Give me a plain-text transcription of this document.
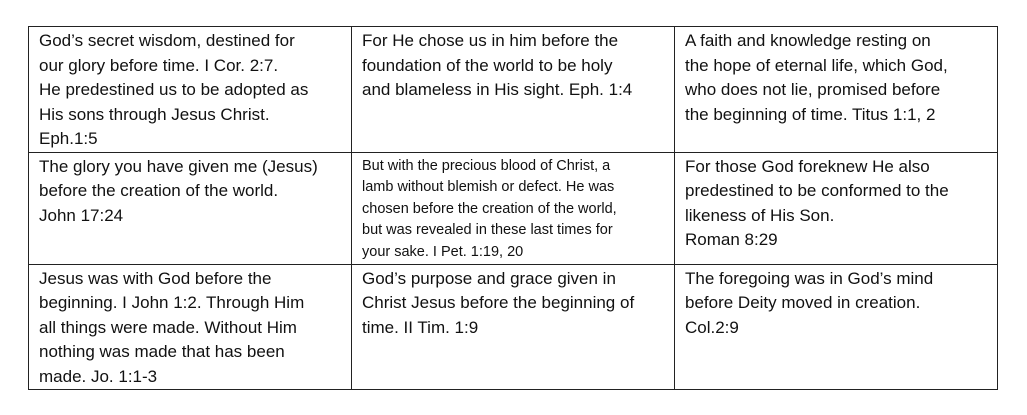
God’s secret wisdom, destined for
our glory before time. I Cor. 2:7.
He predestined us to be adopted as
His sons through Jesus Christ.
Eph.1:5	For He chose us in him before the
foundation of the world to be holy
and blameless in His sight. Eph. 1:4	A faith and knowledge resting on
the hope of eternal life, which God,
who does not lie, promised before
the beginning of time. Titus 1:1, 2

The glory you have given me (Jesus)
before the creation of the world.
John 17:24	But with the precious blood of Christ, a
lamb without blemish or defect. He was
chosen before the creation of the world,
but was revealed in these last times for
your sake. I Pet. 1:19, 20	For those God foreknew He also
predestined to be conformed to the
likeness of His Son.
Roman 8:29

Jesus was with God before the
beginning. I John 1:2. Through Him
all things were made. Without Him
nothing was made that has been
made. Jo. 1:1-3	God’s purpose and grace given in
Christ Jesus before the beginning of
time. II Tim. 1:9	The foregoing was in God’s mind
before Deity moved in creation.
Col.2:9
